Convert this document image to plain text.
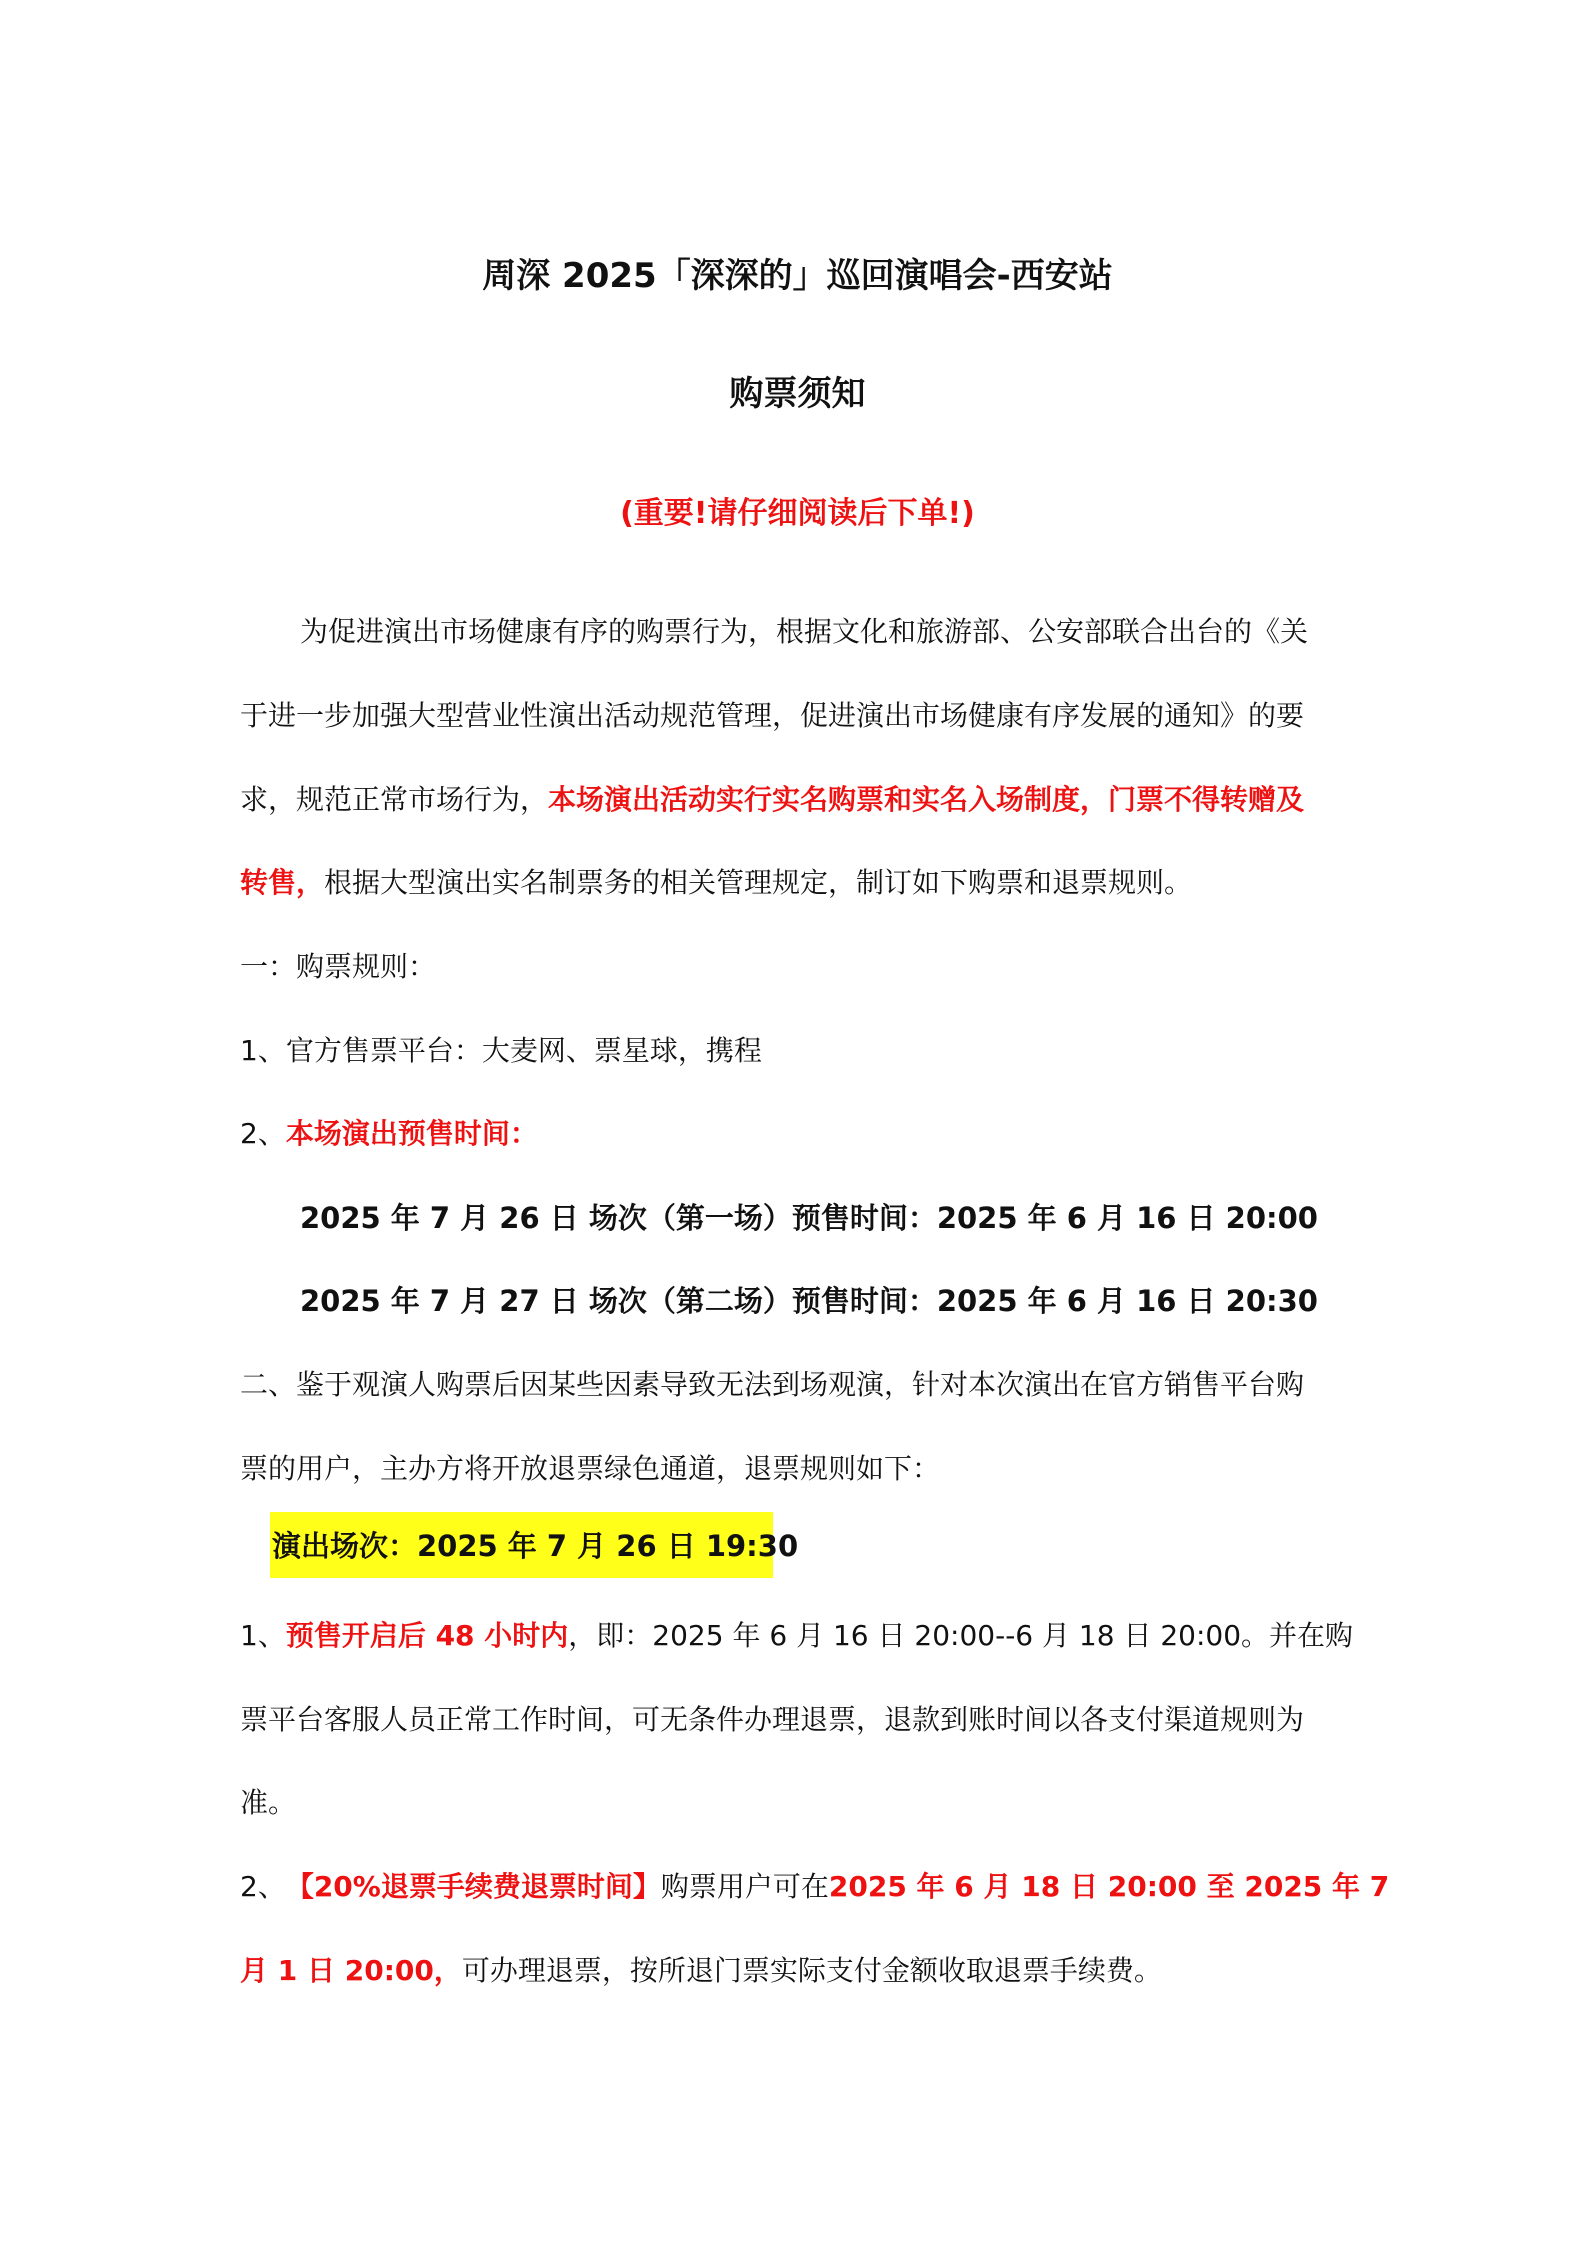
周深 2025「深深的」巡回演唱会-西安站
购票须知
(重要!请仔细阅读后下单!)
为促进演出市场健康有序的购票行为，根据文化和旅游部、公安部联合出台的《关
于进一步加强大型营业性演出活动规范管理，促进演出市场健康有序发展的通知》的要
求，规范正常市场行为，本场演出活动实行实名购票和实名入场制度，门票不得转赠及
转售，根据大型演出实名制票务的相关管理规定，制订如下购票和退票规则。
一：购票规则：
1、官方售票平台：大麦网、票星球，携程
2、本场演出预售时间：
2025 年 7 月 26 日 场次（第一场）预售时间：2025 年 6 月 16 日 20:00
2025 年 7 月 27 日 场次（第二场）预售时间：2025 年 6 月 16 日 20:30
二、鉴于观演人购票后因某些因素导致无法到场观演，针对本次演出在官方销售平台购
票的用户，主办方将开放退票绿色通道，退票规则如下：
演出场次：2025 年 7 月 26 日 19:30
1、预售开启后 48 小时内，即：2025 年 6 月 16 日 20:00--6 月 18 日 20:00。并在购
票平台客服人员正常工作时间，可无条件办理退票，退款到账时间以各支付渠道规则为
准。
2、 【20%退票手续费退票时间】购票用户可在2025 年 6 月 18 日 20:00 至 2025 年 7
月 1 日 20:00，可办理退票，按所退门票实际支付金额收取退票手续费。
